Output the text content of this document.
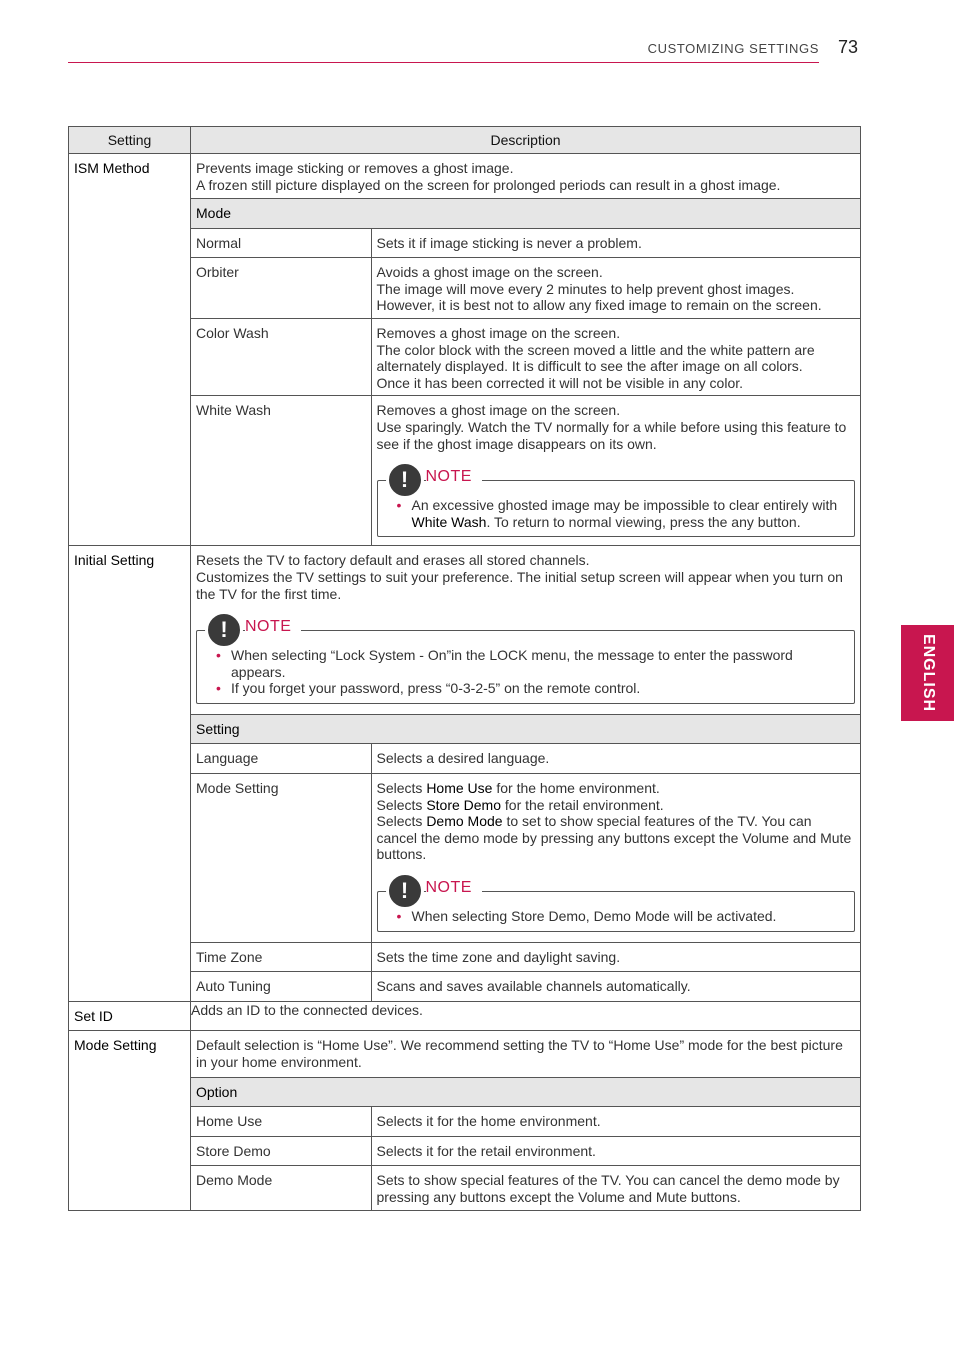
CUSTOMIZING SETTINGS 73
ENGLISH
Setting	Description
ISM Method	Prevents image sticking or removes a ghost image.
A frozen still picture displayed on the screen for prolonged periods can result in a ghost image.
Mode
Normal	Sets it if image sticking is never a problem.

Orbiter	Avoids a ghost image on the screen.
The image will move every 2 minutes to help prevent ghost images.
However, it is best not to allow any fixed image to remain on the screen.

Color Wash	Removes a ghost image on the screen.
The color block with the screen moved a little and the white pattern are alternately displayed. It is difficult to see the after image on all colors.
Once it has been corrected it will not be visible in any color.

White Wash	Removes a ghost image on the screen.
Use sparingly. Watch the TV normally for a while before using this feature to see if the ghost image disappears on its own.
!	NOTE
• An excessive ghosted image may be impossible to clear entirely with White Wash. To return to normal viewing, press the any button.

Initial Setting	Resets the TV to factory default and erases all stored channels.
Customizes the TV settings to suit your preference. The initial setup screen will appear when you turn on the TV for the first time.
!	NOTE
• When selecting “Lock System - On”in the LOCK menu, the message to enter the password appears.
• If you forget your password, press “0-3-2-5” on the remote control.
Setting
Language	Selects a desired language.
Mode Setting	Selects Home Use for the home environment.
Selects Store Demo for the retail environment.
Selects Demo Mode to set to show special features of the TV. You can cancel the demo mode by pressing any buttons except the Volume and Mute buttons.
!	NOTE
• When selecting Store Demo, Demo Mode will be activated.

Time Zone	Sets the time zone and daylight saving.
Auto Tuning	Scans and saves available channels automatically.

Set ID	Adds an ID to the connected devices.
Mode Setting	Default selection is “Home Use”. We recommend setting the TV to “Home Use” mode for the best picture in your home environment.
Option
Home Use	Selects it for the home environment.
Store Demo	Selects it for the retail environment.
Demo Mode	Sets to show special features of the TV. You can cancel the demo mode by pressing any buttons except the Volume and Mute buttons.
